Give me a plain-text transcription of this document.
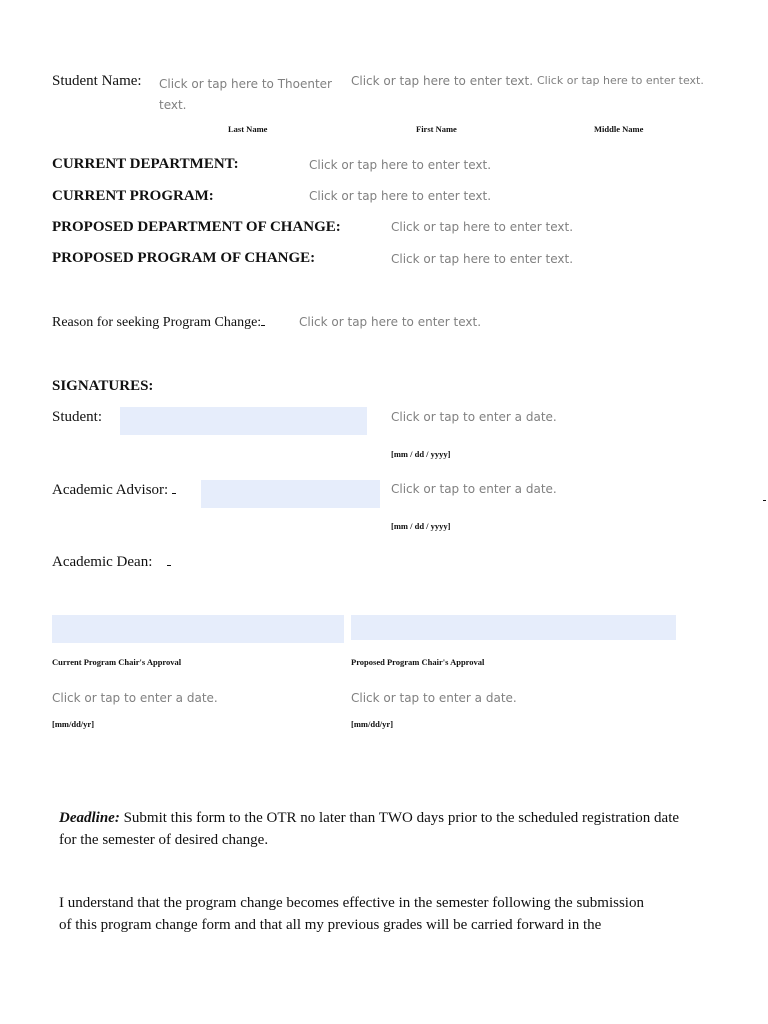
Student Name: Click or tap here to Thoenter
text.
Click or tap here to enter text. Click or tap here to enter text.
Last Name	First Name	Middle Name
CURRENT DEPARTMENT:	Click or tap here to enter text.
CURRENT PROGRAM:	Click or tap here to enter text.
PROPOSED DEPARTMENT OF CHANGE:	Click or tap here to enter text.
PROPOSED PROGRAM OF CHANGE:	Click or tap here to enter text.
Reason for seeking Program Change:	Click or tap here to enter text.
SIGNATURES:
Student:	Click or tap to enter a date.
[mm / dd / yyyy]
Academic Advisor:	Click or tap to enter a date.
[mm / dd / yyyy]
Academic Dean:
Current Program Chair's Approval	Proposed Program Chair's Approval
Click or tap to enter a date.	Click or tap to enter a date.
[mm/dd/yr]	[mm/dd/yr]
Deadline: Submit this form to the OTR no later than TWO days prior to the scheduled registration date
for the semester of desired change.
I understand that the program change becomes effective in the semester following the submission
of this program change form and that all my previous grades will be carried forward in the
